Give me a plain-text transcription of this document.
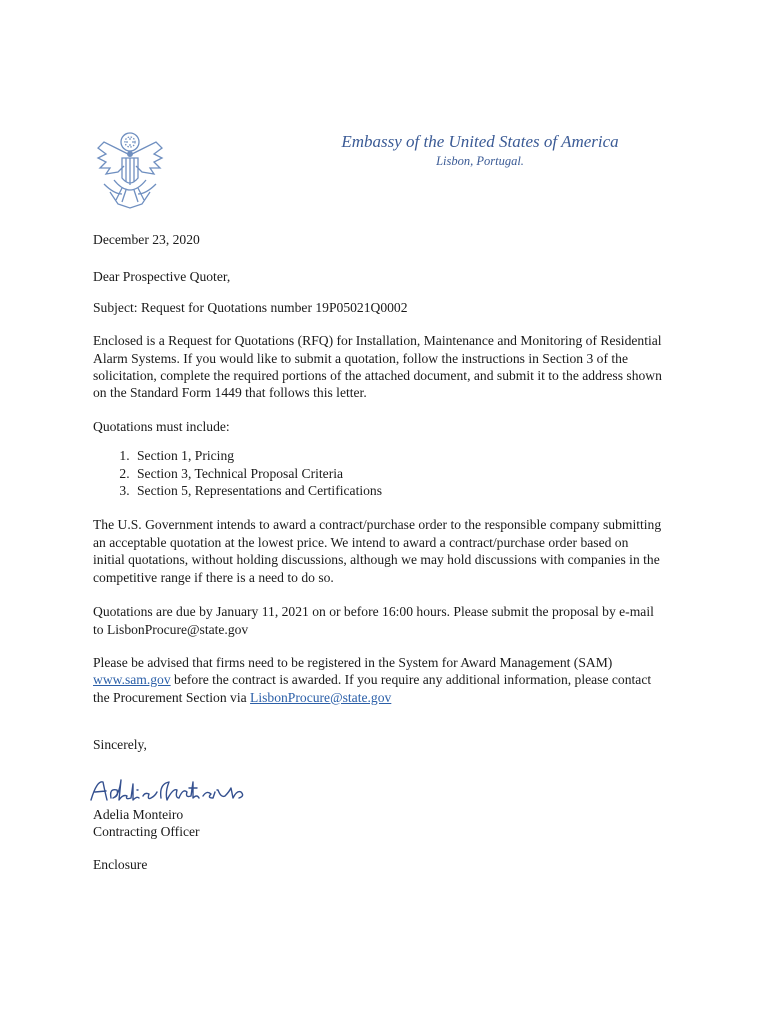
Embassy of the United States of America
Lisbon, Portugal.

December 23, 2020

Dear Prospective Quoter,

Subject: Request for Quotations number 19P05021Q0002

Enclosed is a Request for Quotations (RFQ) for Installation, Maintenance and Monitoring of Residential Alarm Systems. If you would like to submit a quotation, follow the instructions in Section 3 of the solicitation, complete the required portions of the attached document, and submit it to the address shown on the Standard Form 1449 that follows this letter.

Quotations must include:

1. Section 1, Pricing
2. Section 3, Technical Proposal Criteria
3. Section 5, Representations and Certifications

The U.S. Government intends to award a contract/purchase order to the responsible company submitting an acceptable quotation at the lowest price. We intend to award a contract/purchase order based on initial quotations, without holding discussions, although we may hold discussions with companies in the competitive range if there is a need to do so.

Quotations are due by January 11, 2021 on or before 16:00 hours. Please submit the proposal by e-mail to LisbonProcure@state.gov

Please be advised that firms need to be registered in the System for Award Management (SAM) www.sam.gov before the contract is awarded. If you require any additional information, please contact the Procurement Section via LisbonProcure@state.gov

Sincerely,

Adelia Monteiro

Contracting Officer

Enclosure
